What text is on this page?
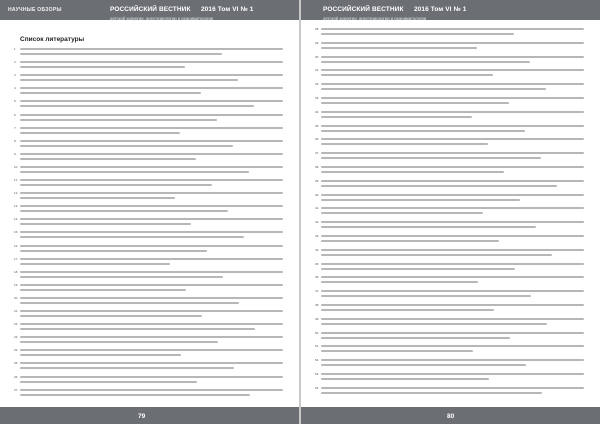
НАУЧНЫЕ ОБЗОРЫ	РОССИЙСКИЙ ВЕСТНИК 2016 Том VI № 1
детской хирургии, анестезиологии и реаниматологии
Список литературы
1.
2.
3.
4.
5.
6.
7.
8.
9.
10.
11.
12.
13.
14.
15.
16.
17.
18.
19.
20.
21.
22.
23.
24.
25.
26.
27.
79
РОССИЙСКИЙ ВЕСТНИК 2016 Том VI № 1
детской хирургии, анестезиологии и реаниматологии
28.
29.
30.
31.
32.
33.
34.
35.
36.
37.
38.
39.
40.
41.
42.
43.
44.
45.
46.
47.
48.
49.
50.
51.
52.
53.
54.
80
